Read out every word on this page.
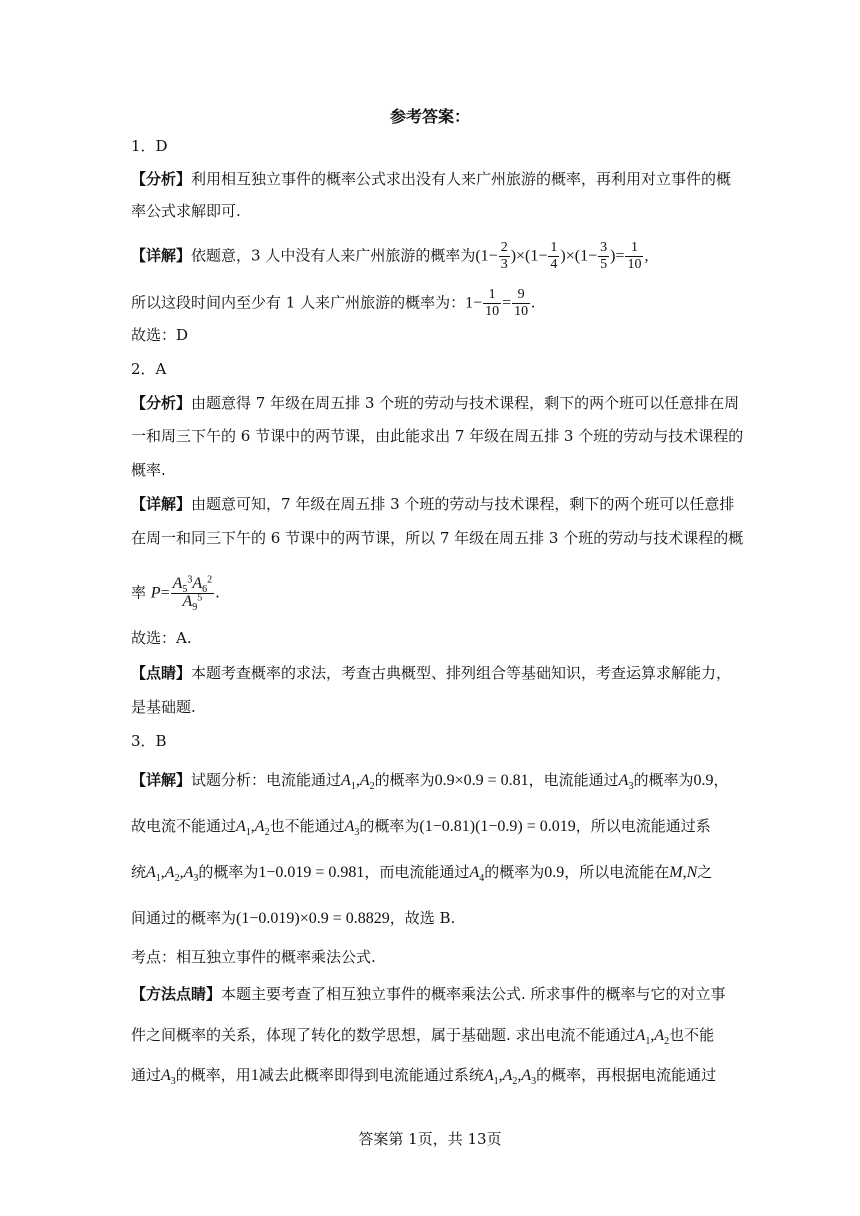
参考答案：
1．D
【分析】利用相互独立事件的概率公式求出没有人来广州旅游的概率，再利用对立事件的概
率公式求解即可.
【详解】依题意，3 人中没有人来广州旅游的概率为$(1- \frac{2}{3} )\times(1- \frac{1}{4} )\times(1- \frac{3}{5}$ )= $\frac{1}{10}$ ,
所以这段时间内至少有 1 人来广州旅游的概率为：$1- \frac{1}{10} = \frac{9}{10}$ .
故选：D
2．A
【分析】由题意得 7 年级在周五排 3 个班的劳动与技术课程，剩下的两个班可以任意排在周
一和周三下午的 6 节课中的两节课，由此能求出 7 年级在周五排 3 个班的劳动与技术课程的
概率.
【详解】由题意可知，7 年级在周五排 3 个班的劳动与技术课程，剩下的两个班可以任意排
在周一和同三下午的 6 节课中的两节课，所以 7 年级在周五排 3 个班的劳动与技术课程的概
率 $P= \frac{A_5^3A_6^2}{A_9^5}$ .
故选：A.
【点睛】本题考查概率的求法，考查古典概型、排列组合等基础知识，考查运算求解能力，
是基础题.
3．B
【详解】试题分析：电流能通过$A_1,A_2$的概率为0.9×0.9 = 0.81，电流能通过$A_3$的概率为0.9，
故电流不能通过$A_1,A_2$也不能通过$A_3$的概率为(1−0.81)(1−0.9) = 0.019，所以电流能通过系
统$A_1,A_2,A_3$的概率为1−0.019 = 0.981，而电流能通过$A_4$的概率为0.9，所以电流能在M,N之
间通过的概率为(1−0.019)×0.9 = 0.8829，故选 B.
考点：相互独立事件的概率乘法公式.
【方法点睛】本题主要考查了相互独立事件的概率乘法公式. 所求事件的概率与它的对立事
件之间概率的关系，体现了转化的数学思想，属于基础题. 求出电流不能通过$A_1,A_2$也不能
通过$A_3$的概率，用1减去此概率即得到电流能通过系统$A_1,A_2,A_3$的概率，再根据电流能通过
答案第 1页，共 13页
